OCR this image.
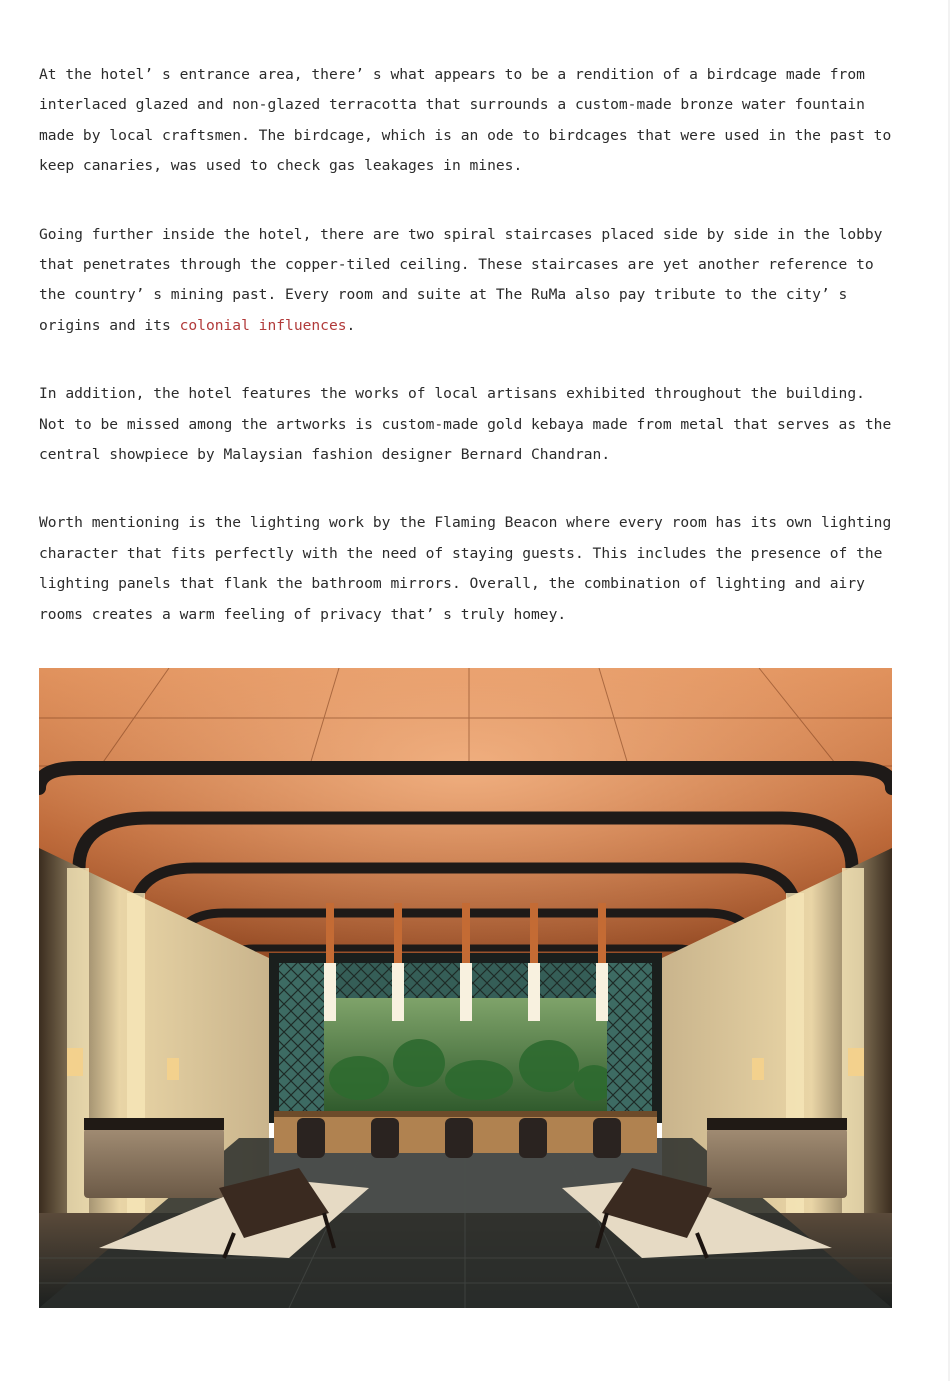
At the hotel’ s entrance area, there’ s what appears to be a rendition of a birdcage made from interlaced glazed and non-glazed terracotta that surrounds a custom-made bronze water fountain made by local craftsmen. The birdcage, which is an ode to birdcages that were used in the past to keep canaries, was used to check gas leakages in mines.

Going further inside the hotel, there are two spiral staircases placed side by side in the lobby that penetrates through the copper-tiled ceiling. These staircases are yet another reference to the country’ s mining past. Every room and suite at The RuMa also pay tribute to the city’ s origins and its colonial influences.

In addition, the hotel features the works of local artisans exhibited throughout the building. Not to be missed among the artworks is custom-made gold kebaya made from metal that serves as the central showpiece by Malaysian fashion designer Bernard Chandran.

Worth mentioning is the lighting work by the Flaming Beacon where every room has its own lighting character that fits perfectly with the need of staying guests. This includes the presence of the lighting panels that flank the bathroom mirrors. Overall, the combination of lighting and airy rooms creates a warm feeling of privacy that’ s truly homey.
